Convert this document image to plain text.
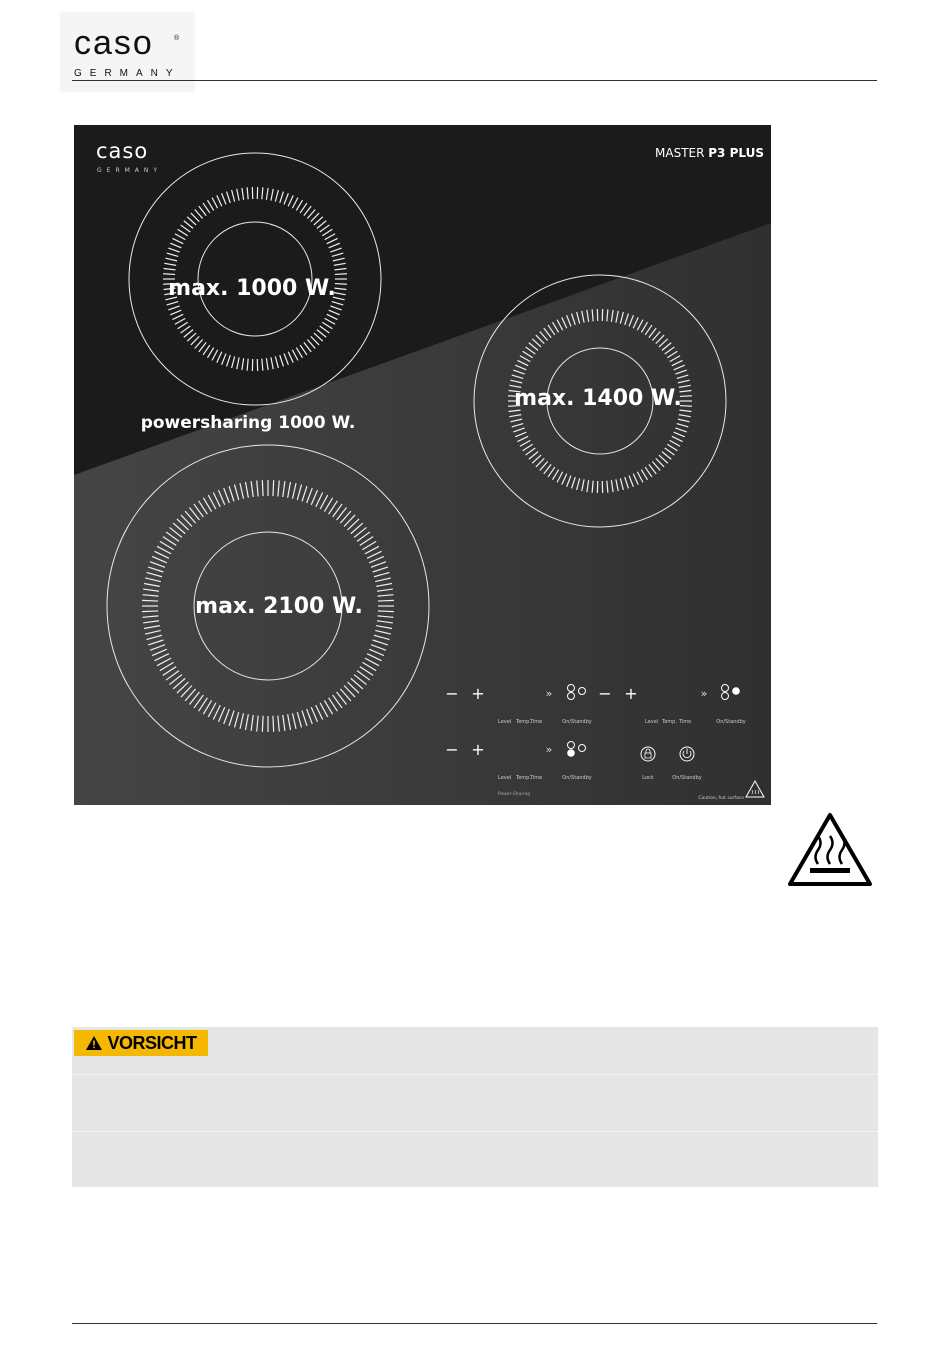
caso	®
GERMANY
caso
GERMANY
MASTER P3 PLUS
max. 1000 W.
max. 1400 W.
max. 2100 W.
powersharing 1000 W.
− +	»
Level Temp. Time	On/Standby
− +	»
Level Temp. Time	On/Standby
− +	»
Level Temp. Time	On/Standby
Power-Sharing
Lock	On/Standby
Caution, hot surface
VORSICHT
